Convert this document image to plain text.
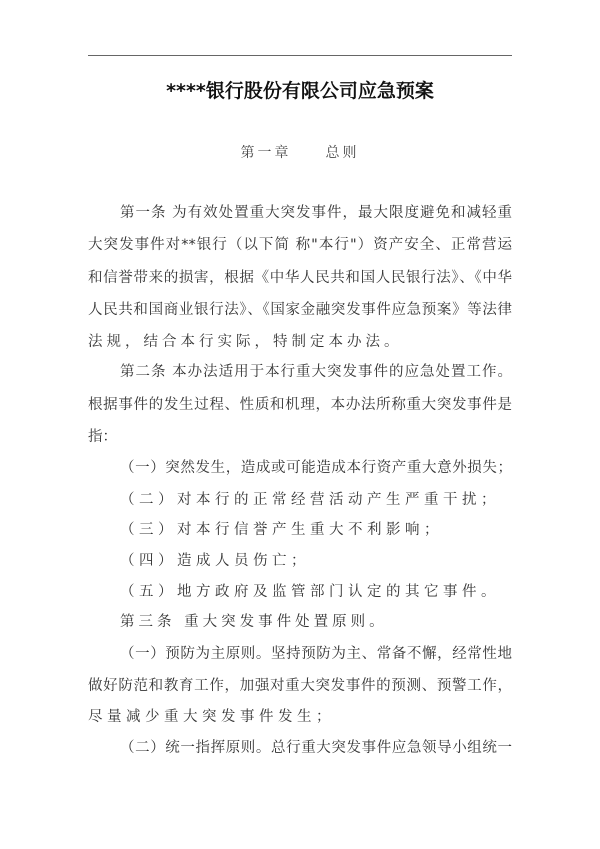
****银行股份有限公司应急预案
第一章　　总则
第一条 为有效处置重大突发事件，最大限度避免和减轻重
大突发事件对**银行（以下简 称"本行"）资产安全、正常营运
和信誉带来的损害，根据《中华人民共和国人民银行法》、《中华
人民共和国商业银行法》、《国家金融突发事件应急预案》等法律
法规，结合本行实际，特制定本办法。
第二条 本办法适用于本行重大突发事件的应急处置工作。
根据事件的发生过程、性质和机理，本办法所称重大突发事件是
指：
（一）突然发生，造成或可能造成本行资产重大意外损失；
（二）对本行的正常经营活动产生严重干扰；
（三）对本行信誉产生重大不利影响；
（四）造成人员伤亡；
（五）地方政府及监管部门认定的其它事件。
第三条 重大突发事件处置原则。
（一）预防为主原则。坚持预防为主、常备不懈，经常性地
做好防范和教育工作，加强对重大突发事件的预测、预警工作，
尽量减少重大突发事件发生；
（二）统一指挥原则。总行重大突发事件应急领导小组统一
